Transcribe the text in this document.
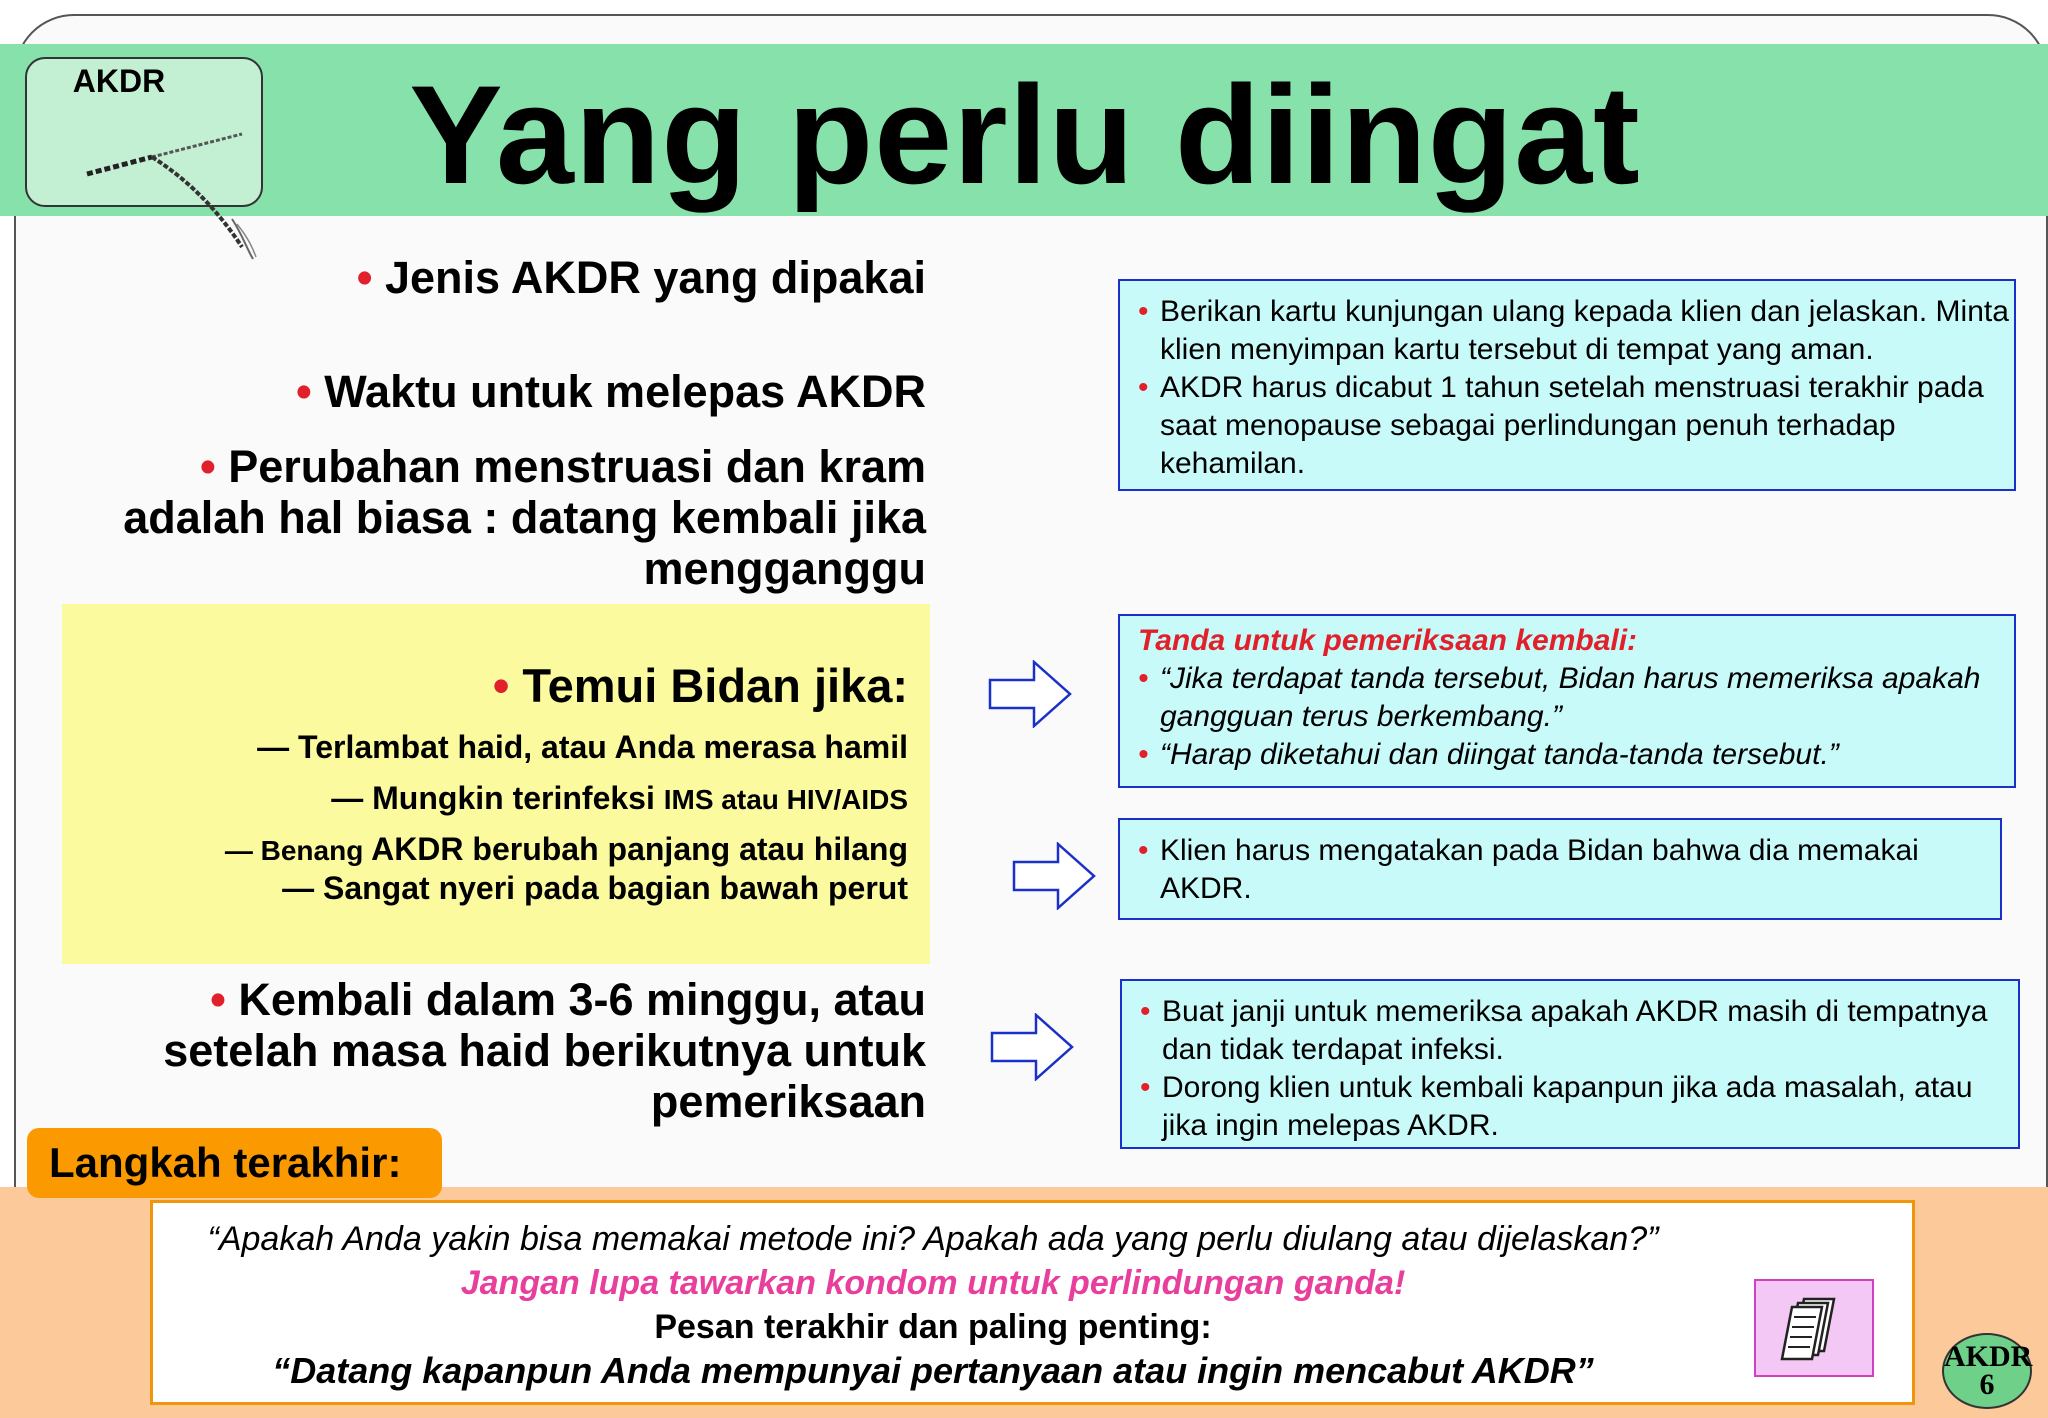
AKDR	Yang perlu diingat
• Jenis AKDR yang dipakai
• Waktu untuk melepas AKDR
• Perubahan menstruasi dan kram
adalah hal biasa : datang kembali jika
mengganggu
• Temui Bidan jika:
— Terlambat haid, atau Anda merasa hamil
— Mungkin terinfeksi IMS atau HIV/AIDS
— Benang AKDR berubah panjang atau hilang
— Sangat nyeri pada bagian bawah perut
• Kembali dalam 3-6 minggu, atau
setelah masa haid berikutnya untuk
pemeriksaan
• Berikan kartu kunjungan ulang kepada klien dan jelaskan. Minta klien menyimpan kartu tersebut di tempat yang aman.
• AKDR harus dicabut 1 tahun setelah menstruasi terakhir pada saat menopause sebagai perlindungan penuh terhadap kehamilan.
Tanda untuk pemeriksaan kembali:
• “Jika terdapat tanda tersebut, Bidan harus memeriksa apakah gangguan terus berkembang.”
• “Harap diketahui dan diingat tanda-tanda tersebut.”
• Klien harus mengatakan pada Bidan bahwa dia memakai AKDR.
• Buat janji untuk memeriksa apakah AKDR masih di tempatnya dan tidak terdapat infeksi.
• Dorong klien untuk kembali kapanpun jika ada masalah, atau jika ingin melepas AKDR.
Langkah terakhir:
“Apakah Anda yakin bisa memakai metode ini? Apakah ada yang perlu diulang atau dijelaskan?”
Jangan lupa tawarkan kondom untuk perlindungan ganda!
Pesan terakhir dan paling penting:
“Datang kapanpun Anda mempunyai pertanyaan atau ingin mencabut AKDR”	AKDR
6
